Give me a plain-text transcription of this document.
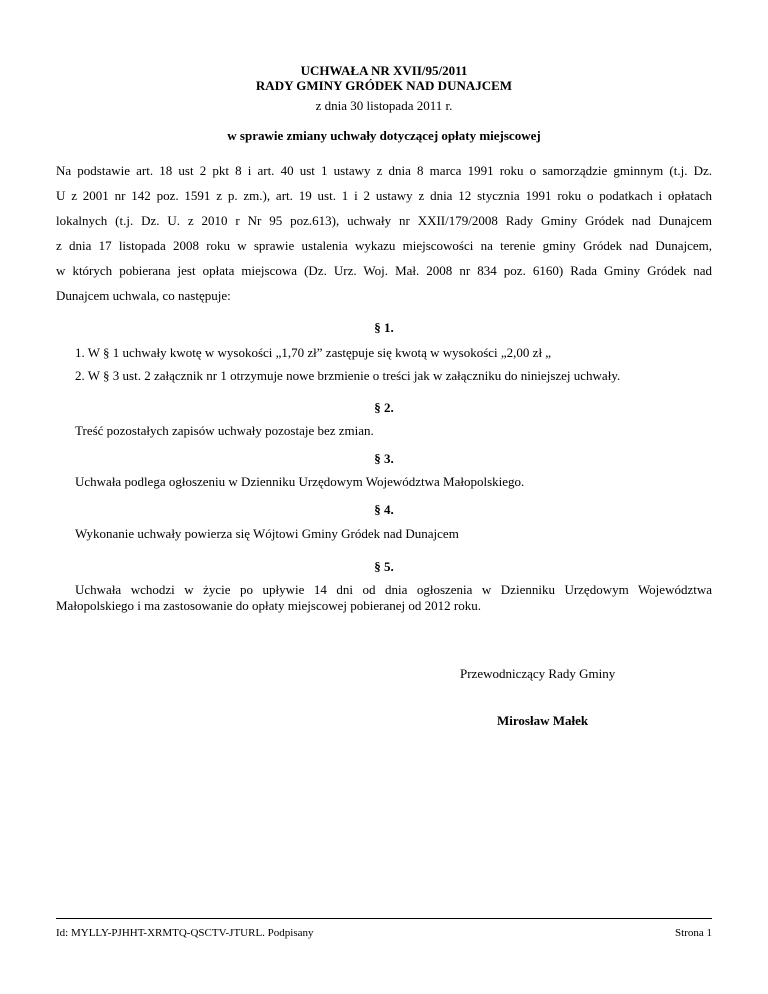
UCHWAŁA NR XVII/95/2011
RADY GMINY GRÓDEK NAD DUNAJCEM
z dnia 30 listopada 2011 r.
w sprawie zmiany uchwały dotyczącej opłaty miejscowej
Na podstawie art. 18 ust 2 pkt 8 i art. 40 ust 1 ustawy z dnia 8 marca 1991 roku o samorządzie gminnym (t.j. Dz.
U z 2001 nr 142 poz. 1591 z p. zm.), art. 19 ust. 1 i 2 ustawy z dnia 12 stycznia 1991 roku o podatkach i opłatach
lokalnych (t.j. Dz. U. z 2010 r Nr 95 poz.613), uchwały nr XXII/179/2008 Rady Gminy Gródek nad Dunajcem
z dnia 17 listopada 2008 roku w sprawie ustalenia wykazu miejscowości na terenie gminy Gródek nad Dunajcem,
w których pobierana jest opłata miejscowa (Dz. Urz. Woj. Mał. 2008 nr 834 poz. 6160) Rada Gminy Gródek nad
Dunajcem uchwala, co następuje:
§ 1.
1. W § 1 uchwały kwotę w wysokości „1,70 zł” zastępuje się kwotą w wysokości „2,00 zł „
2. W § 3 ust. 2 załącznik nr 1 otrzymuje nowe brzmienie o treści jak w załączniku do niniejszej uchwały.
§ 2.
Treść pozostałych zapisów uchwały pozostaje bez zmian.
§ 3.
Uchwała podlega ogłoszeniu w Dzienniku Urzędowym Województwa Małopolskiego.
§ 4.
Wykonanie uchwały powierza się Wójtowi Gminy Gródek nad Dunajcem
§ 5.
Uchwała wchodzi w życie po upływie 14 dni od dnia ogłoszenia w Dzienniku Urzędowym Województwa
Małopolskiego i ma zastosowanie do opłaty miejscowej pobieranej od 2012 roku.
Przewodniczący Rady Gminy
Mirosław Małek
Id: MYLLY-PJHHT-XRMTQ-QSCTV-JTURL. Podpisany	Strona 1
